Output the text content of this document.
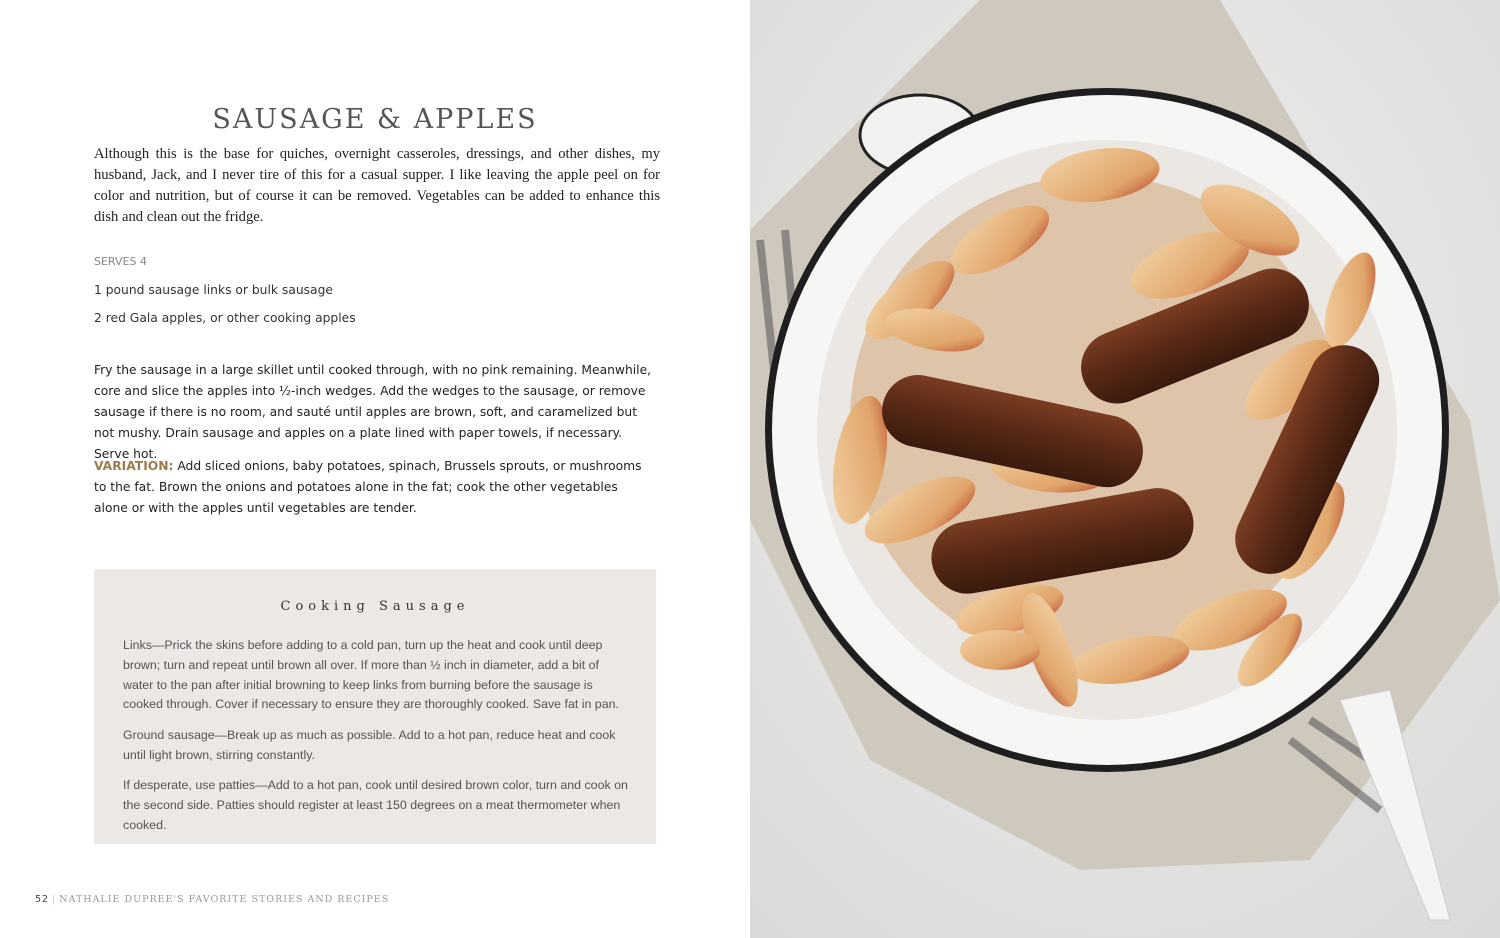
SAUSAGE & APPLES

Although this is the base for quiches, overnight casseroles, dressings, and other dishes, my husband, Jack, and I never tire of this for a casual supper. I like leaving the apple peel on for color and nutrition, but of course it can be removed. Vegetables can be added to enhance this dish and clean out the fridge.

SERVES 4
1 pound sausage links or bulk sausage
2 red Gala apples, or other cooking apples

Fry the sausage in a large skillet until cooked through, with no pink remaining. Meanwhile, core and slice the apples into ½-inch wedges. Add the wedges to the sausage, or remove sausage if there is no room, and sauté until apples are brown, soft, and caramelized but not mushy. Drain sausage and apples on a plate lined with paper towels, if necessary. Serve hot.

VARIATION: Add sliced onions, baby potatoes, spinach, Brussels sprouts, or mushrooms to the fat. Brown the onions and potatoes alone in the fat; cook the other vegetables alone or with the apples until vegetables are tender.

Cooking Sausage

Links—Prick the skins before adding to a cold pan, turn up the heat and cook until deep brown; turn and repeat until brown all over. If more than ½ inch in diameter, add a bit of water to the pan after initial browning to keep links from burning before the sausage is cooked through. Cover if necessary to ensure they are thoroughly cooked. Save fat in pan.

Ground sausage—Break up as much as possible. Add to a hot pan, reduce heat and cook until light brown, stirring constantly.

If desperate, use patties—Add to a hot pan, cook until desired brown color, turn and cook on the second side. Patties should register at least 150 degrees on a meat thermometer when cooked.

52 | NATHALIE DUPREE'S FAVORITE STORIES AND RECIPES
